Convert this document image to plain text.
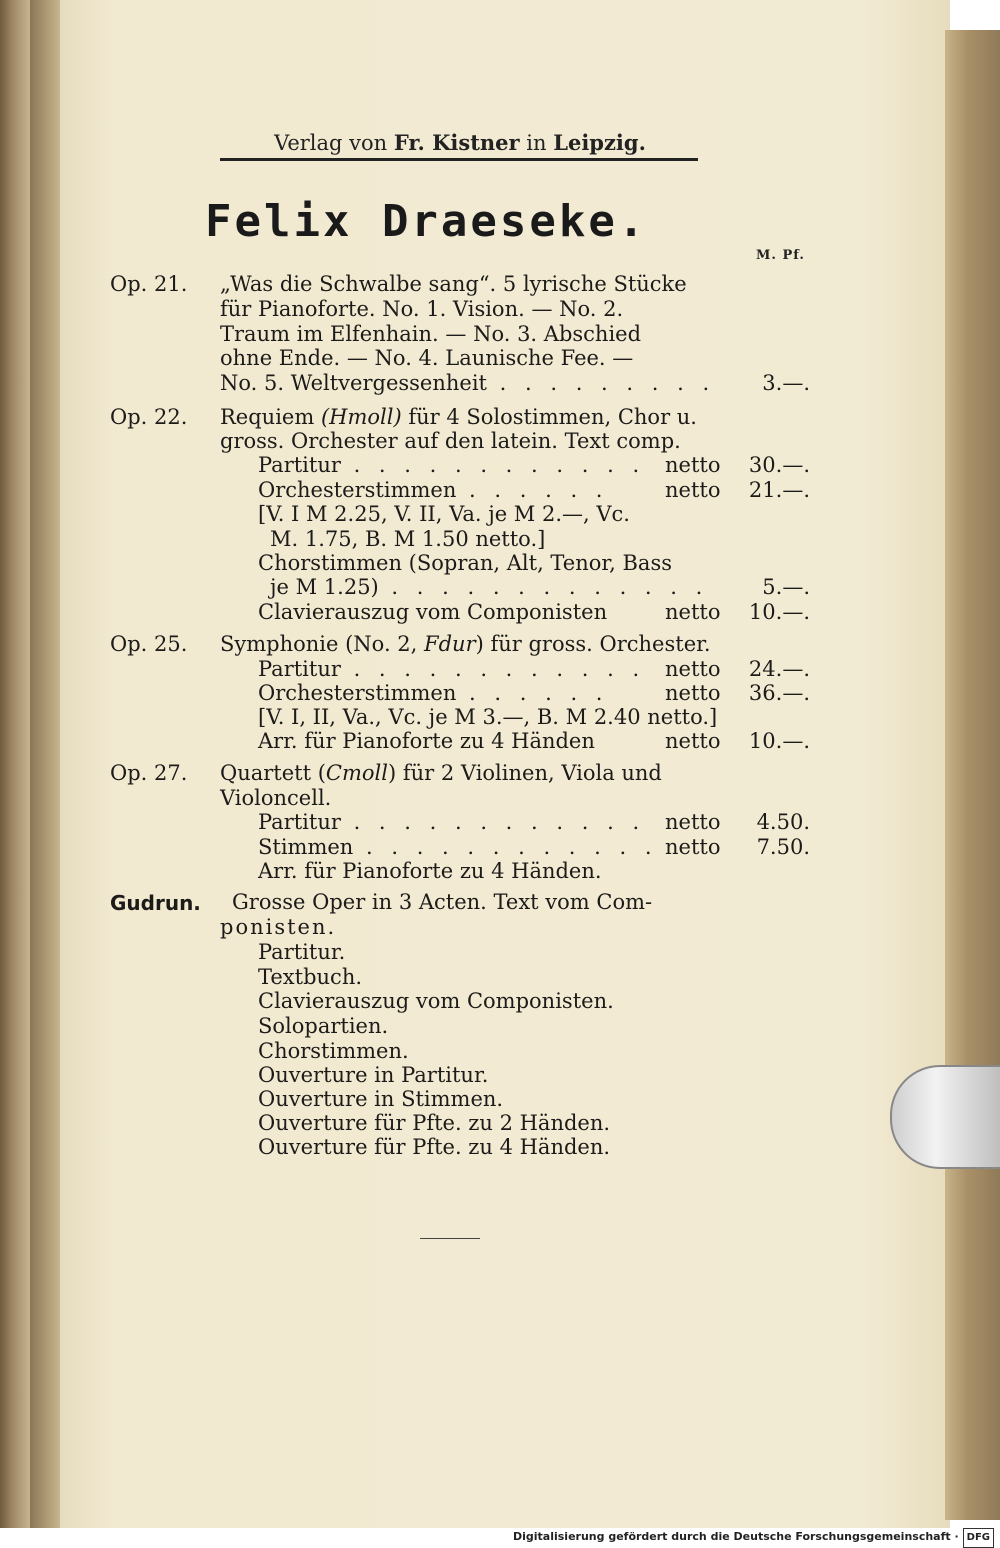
Verlag von Fr. Kistner in Leipzig.
Felix Draeseke.
M. Pf.
Op. 21. „Was die Schwalbe sang“. 5 lyrische Stücke
für Pianoforte. No. 1. Vision. — No. 2.
Traum im Elfenhain. — No. 3. Abschied
ohne Ende. — No. 4. Launische Fee. —
No. 5. Weltvergessenheit . . . . . . . . .	3.—.
Op. 22. Requiem (Hmoll) für 4 Solostimmen, Chor u.
gross. Orchester auf den latein. Text comp.
Partitur . . . . . . . . . . . . netto	30.—.
Orchesterstimmen . . . . . .	netto	21.—.
[V. I M 2.25, V. II, Va. je M 2.—, Vc.
M. 1.75, B. M 1.50 netto.]
Chorstimmen (Sopran, Alt, Tenor, Bass
je M 1.25) . . . . . . . . . . . . .	5.—.
Clavierauszug vom Componisten	netto	10.—.
Op. 25. Symphonie (No. 2, Fdur) für gross. Orchester.
Partitur . . . . . . . . . . . . netto	24.—.
Orchesterstimmen . . . . . .	netto	36.—.
[V. I, II, Va., Vc. je M 3.—, B. M 2.40 netto.]
Arr. für Pianoforte zu 4 Händen	netto	10.—.
Op. 27. Quartett (Cmoll) für 2 Violinen, Viola und
Violoncell.
Partitur . . . . . . . . . . . . netto	4.50.
Stimmen . . . . . . . . . . . . netto	7.50.
Arr. für Pianoforte zu 4 Händen.
Gudrun. Grosse Oper in 3 Acten. Text vom Com-
ponisten.
Partitur.
Textbuch.
Clavierauszug vom Componisten.
Solopartien.
Chorstimmen.
Ouverture in Partitur.
Ouverture in Stimmen.
Ouverture für Pfte. zu 2 Händen.
Ouverture für Pfte. zu 4 Händen.
Digitalisierung gefördert durch die Deutsche Forschungsgemeinschaft · DFG
